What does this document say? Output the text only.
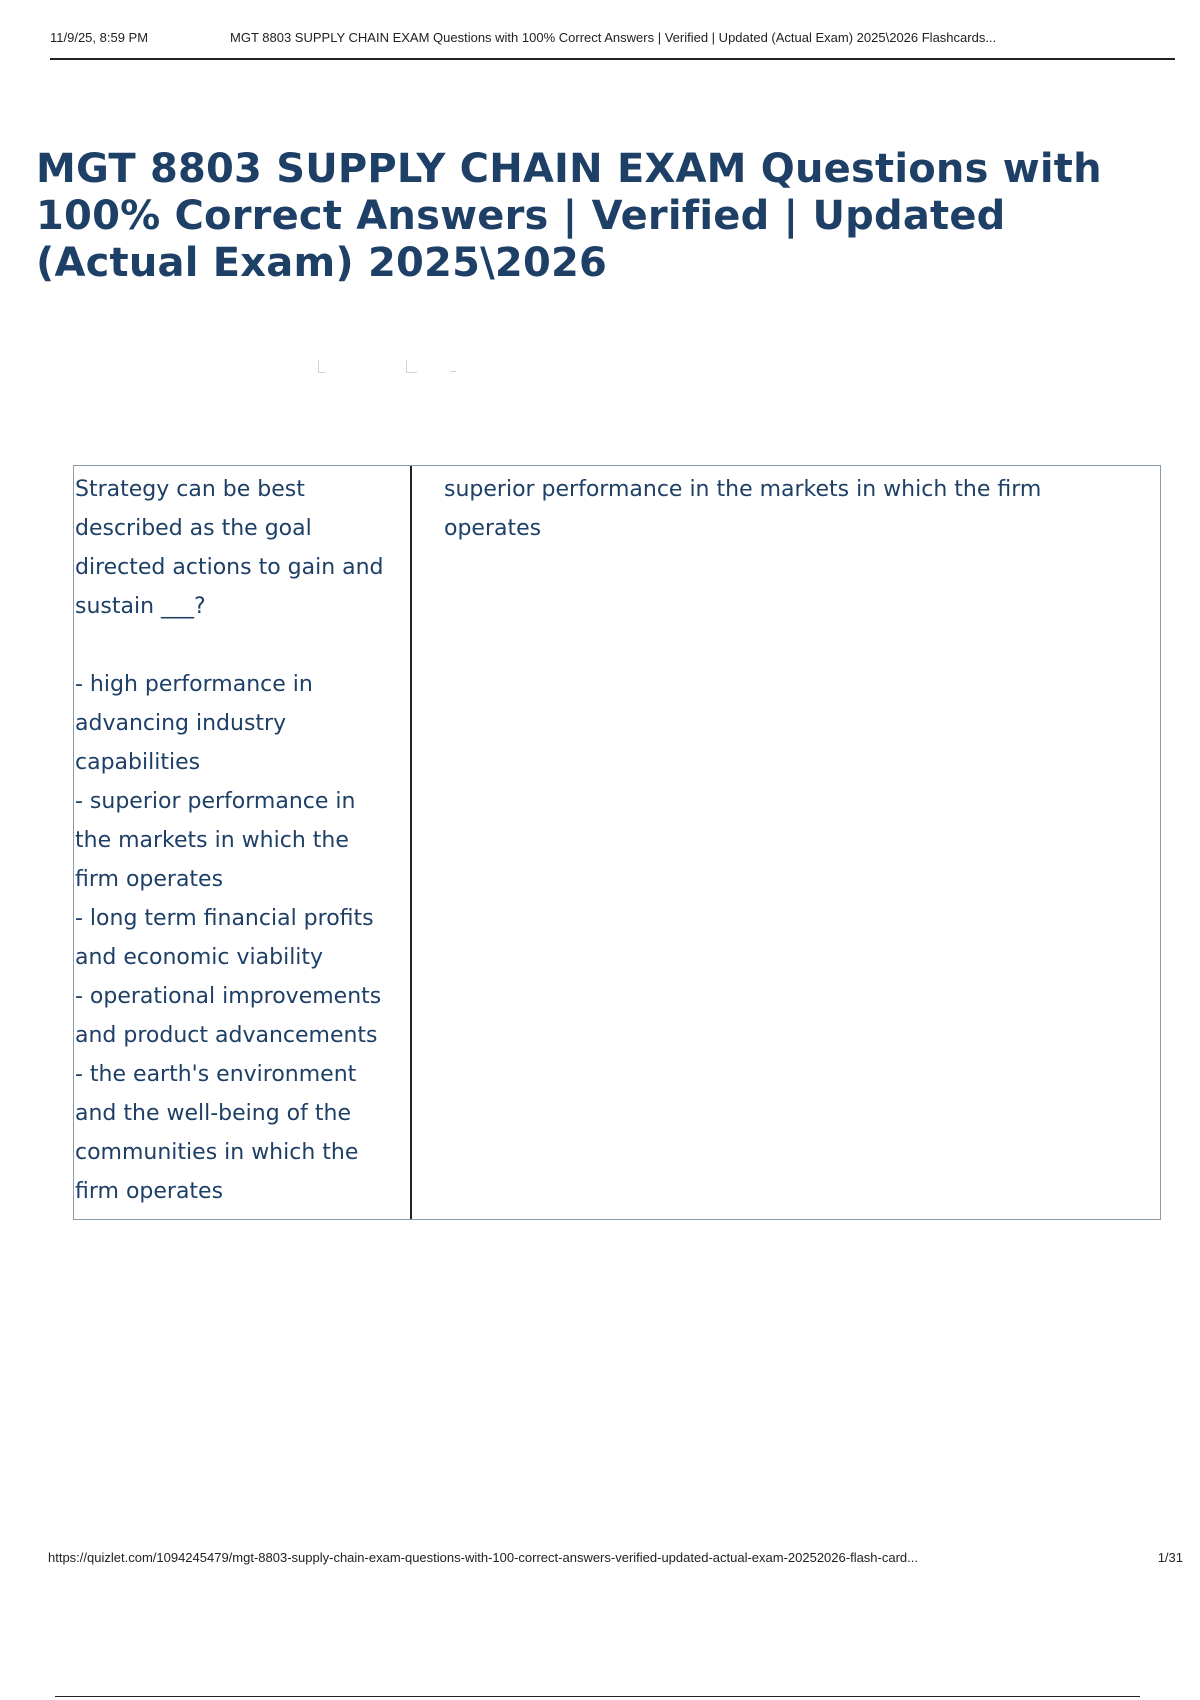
11/9/25, 8:59 PM	MGT 8803 SUPPLY CHAIN EXAM Questions with 100% Correct Answers | Verified | Updated (Actual Exam) 2025\2026 Flashcards...
MGT 8803 SUPPLY CHAIN EXAM Questions with 100% Correct Answers | Verified | Updated (Actual Exam) 2025\2026
Strategy can be best described as the goal directed actions to gain and sustain ___?

- high performance in advancing industry capabilities
- superior performance in the markets in which the firm operates
- long term financial profits and economic viability
- operational improvements and product advancements
- the earth's environment and the well-being of the communities in which the firm operates
superior performance in the markets in which the firm operates
https://quizlet.com/1094245479/mgt-8803-supply-chain-exam-questions-with-100-correct-answers-verified-updated-actual-exam-20252026-flash-card...	1/31
